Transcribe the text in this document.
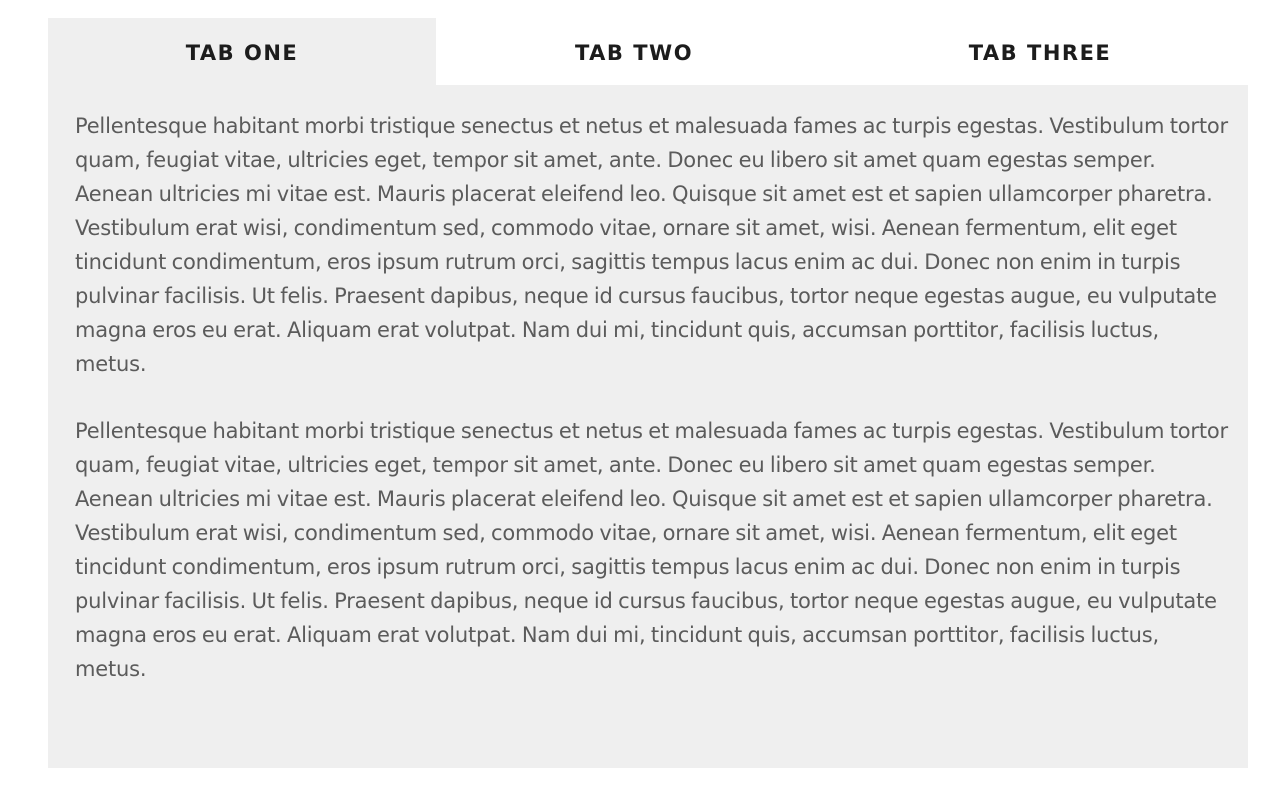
TAB ONE	TAB TWO	TAB THREE

Pellentesque habitant morbi tristique senectus et netus et malesuada fames ac turpis egestas. Vestibulum tortor quam, feugiat vitae, ultricies eget, tempor sit amet, ante. Donec eu libero sit amet quam egestas semper. Aenean ultricies mi vitae est. Mauris placerat eleifend leo. Quisque sit amet est et sapien ullamcorper pharetra. Vestibulum erat wisi, condimentum sed, commodo vitae, ornare sit amet, wisi. Aenean fermentum, elit eget tincidunt condimentum, eros ipsum rutrum orci, sagittis tempus lacus enim ac dui. Donec non enim in turpis pulvinar facilisis. Ut felis. Praesent dapibus, neque id cursus faucibus, tortor neque egestas augue, eu vulputate magna eros eu erat. Aliquam erat volutpat. Nam dui mi, tincidunt quis, accumsan porttitor, facilisis luctus, metus.

Pellentesque habitant morbi tristique senectus et netus et malesuada fames ac turpis egestas. Vestibulum tortor quam, feugiat vitae, ultricies eget, tempor sit amet, ante. Donec eu libero sit amet quam egestas semper. Aenean ultricies mi vitae est. Mauris placerat eleifend leo. Quisque sit amet est et sapien ullamcorper pharetra. Vestibulum erat wisi, condimentum sed, commodo vitae, ornare sit amet, wisi. Aenean fermentum, elit eget tincidunt condimentum, eros ipsum rutrum orci, sagittis tempus lacus enim ac dui. Donec non enim in turpis pulvinar facilisis. Ut felis. Praesent dapibus, neque id cursus faucibus, tortor neque egestas augue, eu vulputate magna eros eu erat. Aliquam erat volutpat. Nam dui mi, tincidunt quis, accumsan porttitor, facilisis luctus, metus.
